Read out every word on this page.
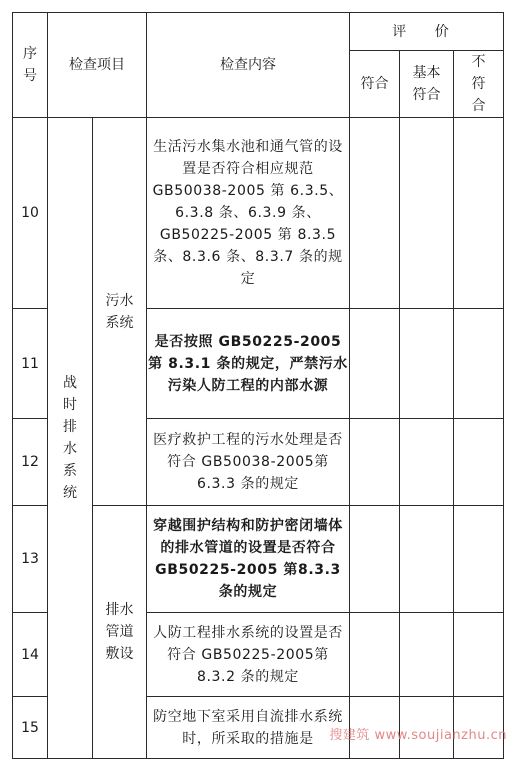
序号	检查项目		检查内容	评 价		
				符合	基本符合	不符合

10	战时排水系统	污水系统	生活污水集水池和通气管的设置是否符合相应规范GB50038-2005 第 6.3.5、6.3.8 条、6.3.9 条、GB50225-2005 第 8.3.5条、8.3.6 条、8.3.7 条的规定			
11			是否按照 GB50225-2005 第 8.3.1 条的规定，严禁污水污染人防工程的内部水源			
12			医疗救护工程的污水处理是否符合 GB50038-2005第 6.3.3 条的规定			
13		排水管道敷设	穿越围护结构和防护密闭墙体的排水管道的设置是否符合 GB50225-2005 第8.3.3 条的规定			
14			人防工程排水系统的设置是否符合 GB50225-2005第 8.3.2 条的规定			
15			防空地下室采用自流排水系统时，所采取的措施是			搜建筑 www.soujianzhu.cn
